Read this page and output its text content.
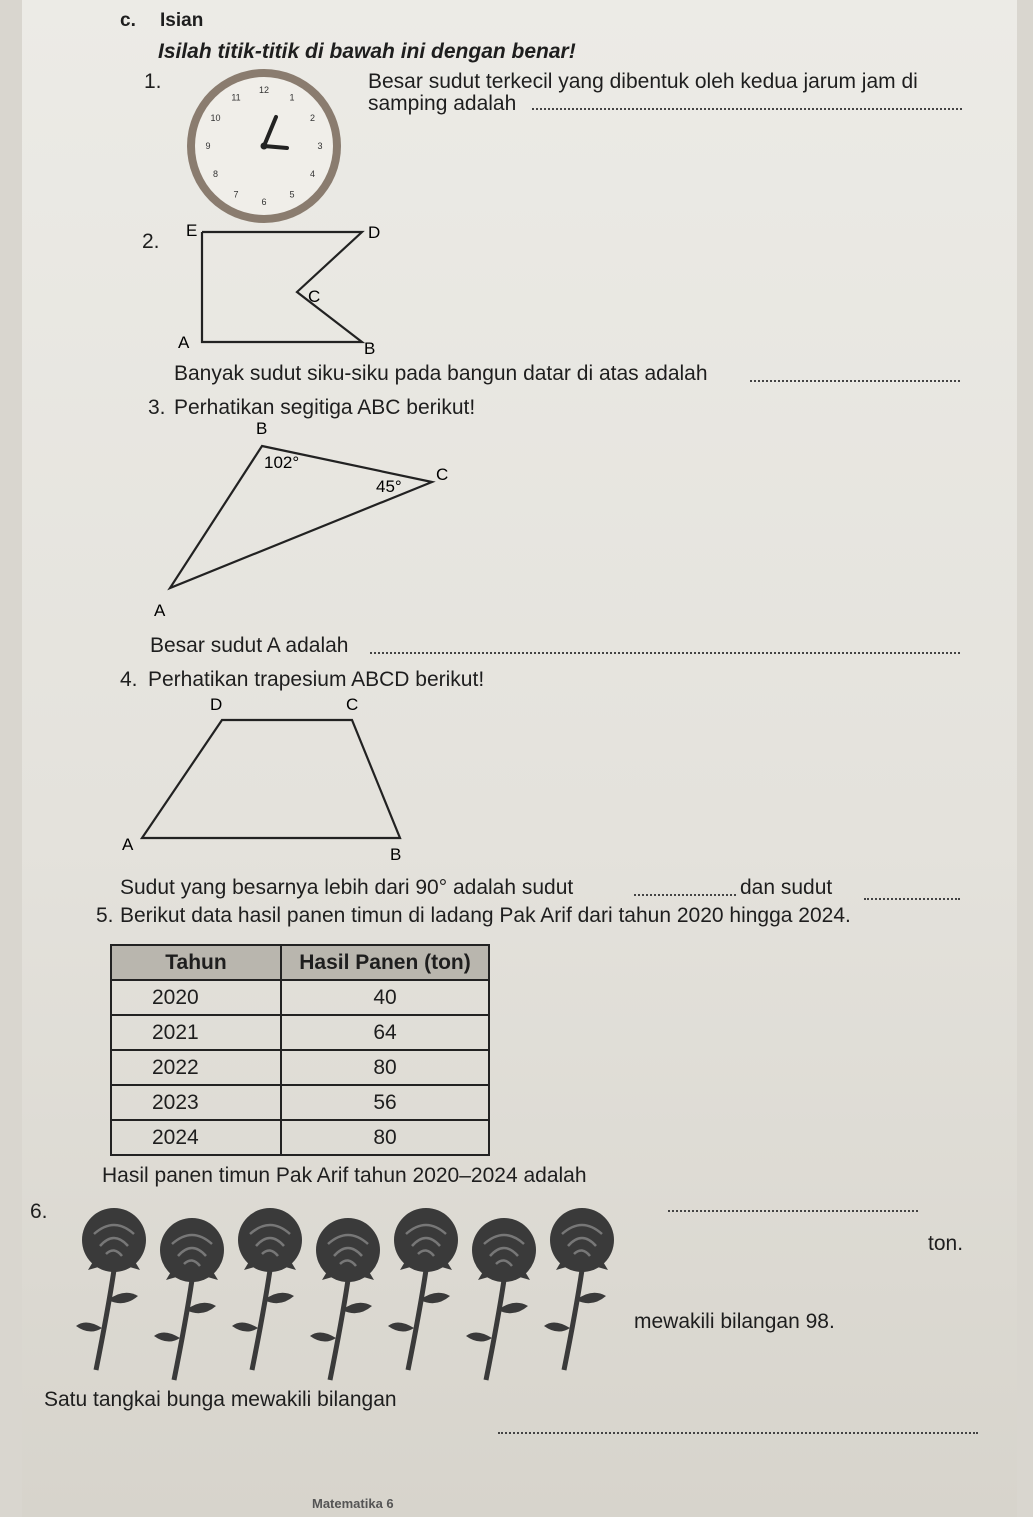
c. Isian
Isilah titik-titik di bawah ini dengan benar!
1.	Besar sudut terkecil yang dibentuk oleh kedua jarum jam di
samping adalah
12
1
2
3
4
5
6
7
8
9
10
11
2. E	D
C
A	B
Banyak sudut siku-siku pada bangun datar di atas adalah
3. Perhatikan segitiga ABC berikut!
B
C
A
102°
45°
Besar sudut A adalah
4. Perhatikan trapesium ABCD berikut!
D	C
A
B
Sudut yang besarnya lebih dari 90° adalah sudut	dan sudut
5. Berikut data hasil panen timun di ladang Pak Arif dari tahun 2020 hingga 2024.
Tahun	Hasil Panen (ton)
2020	40
2021	64
2022	80
2023	56
2024	80
Hasil panen timun Pak Arif tahun 2020–2024 adalah
ton.
6.
mewakili bilangan 98.
Satu tangkai bunga mewakili bilangan
Matematika 6
